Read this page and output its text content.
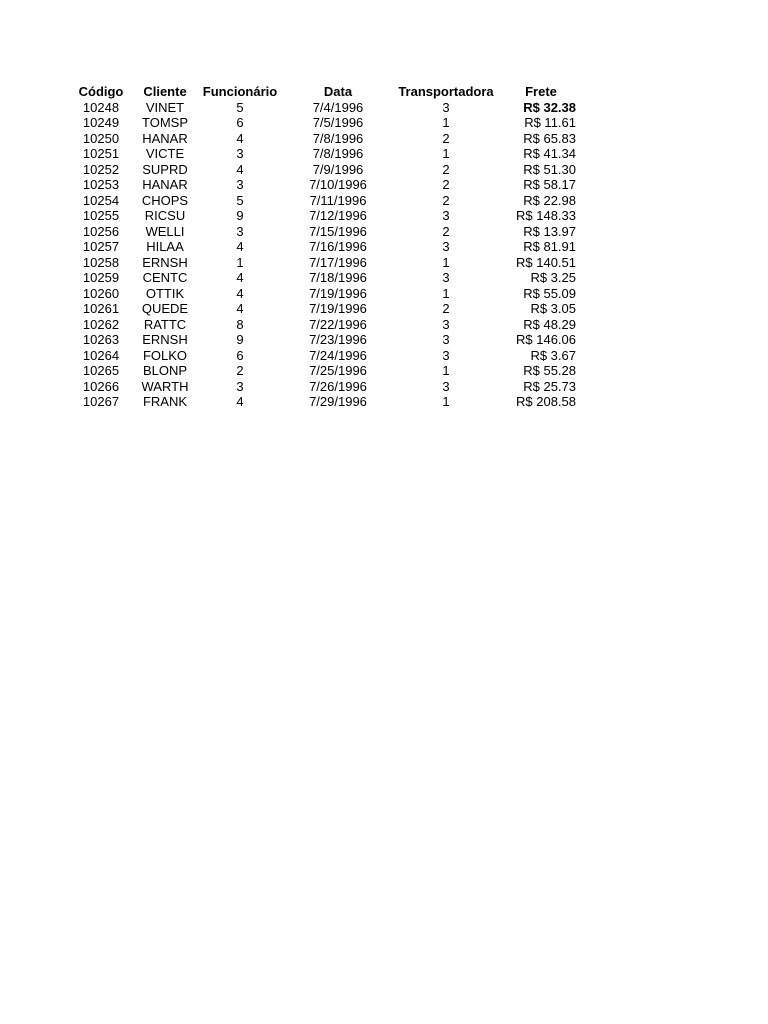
Código	Cliente	Funcionário	Data	Transportadora	Frete
10248	VINET	5	7/4/1996	3	R$ 32.38
10249	TOMSP	6	7/5/1996	1	R$ 11.61
10250	HANAR	4	7/8/1996	2	R$ 65.83
10251	VICTE	3	7/8/1996	1	R$ 41.34
10252	SUPRD	4	7/9/1996	2	R$ 51.30
10253	HANAR	3	7/10/1996	2	R$ 58.17
10254	CHOPS	5	7/11/1996	2	R$ 22.98
10255	RICSU	9	7/12/1996	3	R$ 148.33
10256	WELLI	3	7/15/1996	2	R$ 13.97
10257	HILAA	4	7/16/1996	3	R$ 81.91
10258	ERNSH	1	7/17/1996	1	R$ 140.51
10259	CENTC	4	7/18/1996	3	R$ 3.25
10260	OTTIK	4	7/19/1996	1	R$ 55.09
10261	QUEDE	4	7/19/1996	2	R$ 3.05
10262	RATTC	8	7/22/1996	3	R$ 48.29
10263	ERNSH	9	7/23/1996	3	R$ 146.06
10264	FOLKO	6	7/24/1996	3	R$ 3.67
10265	BLONP	2	7/25/1996	1	R$ 55.28
10266	WARTH	3	7/26/1996	3	R$ 25.73
10267	FRANK	4	7/29/1996	1	R$ 208.58
